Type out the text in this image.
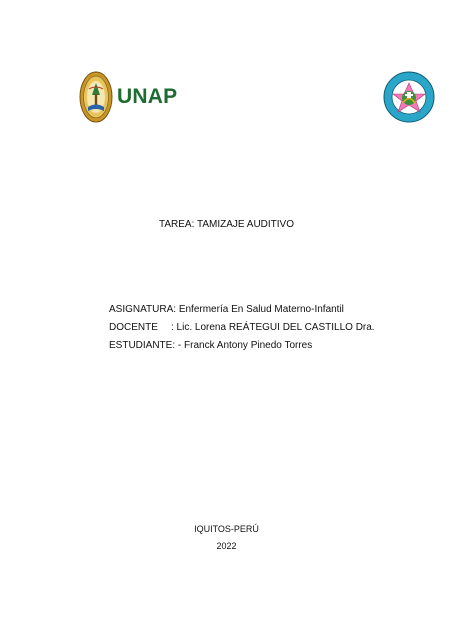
UNAP
TAREA: TAMIZAJE AUDITIVO
ASIGNATURA: Enfermería En Salud Materno-Infantil
DOCENTE : Lic. Lorena REÁTEGUI DEL CASTILLO Dra.
ESTUDIANTE: - Franck Antony Pinedo Torres
IQUITOS-PERÚ
2022
